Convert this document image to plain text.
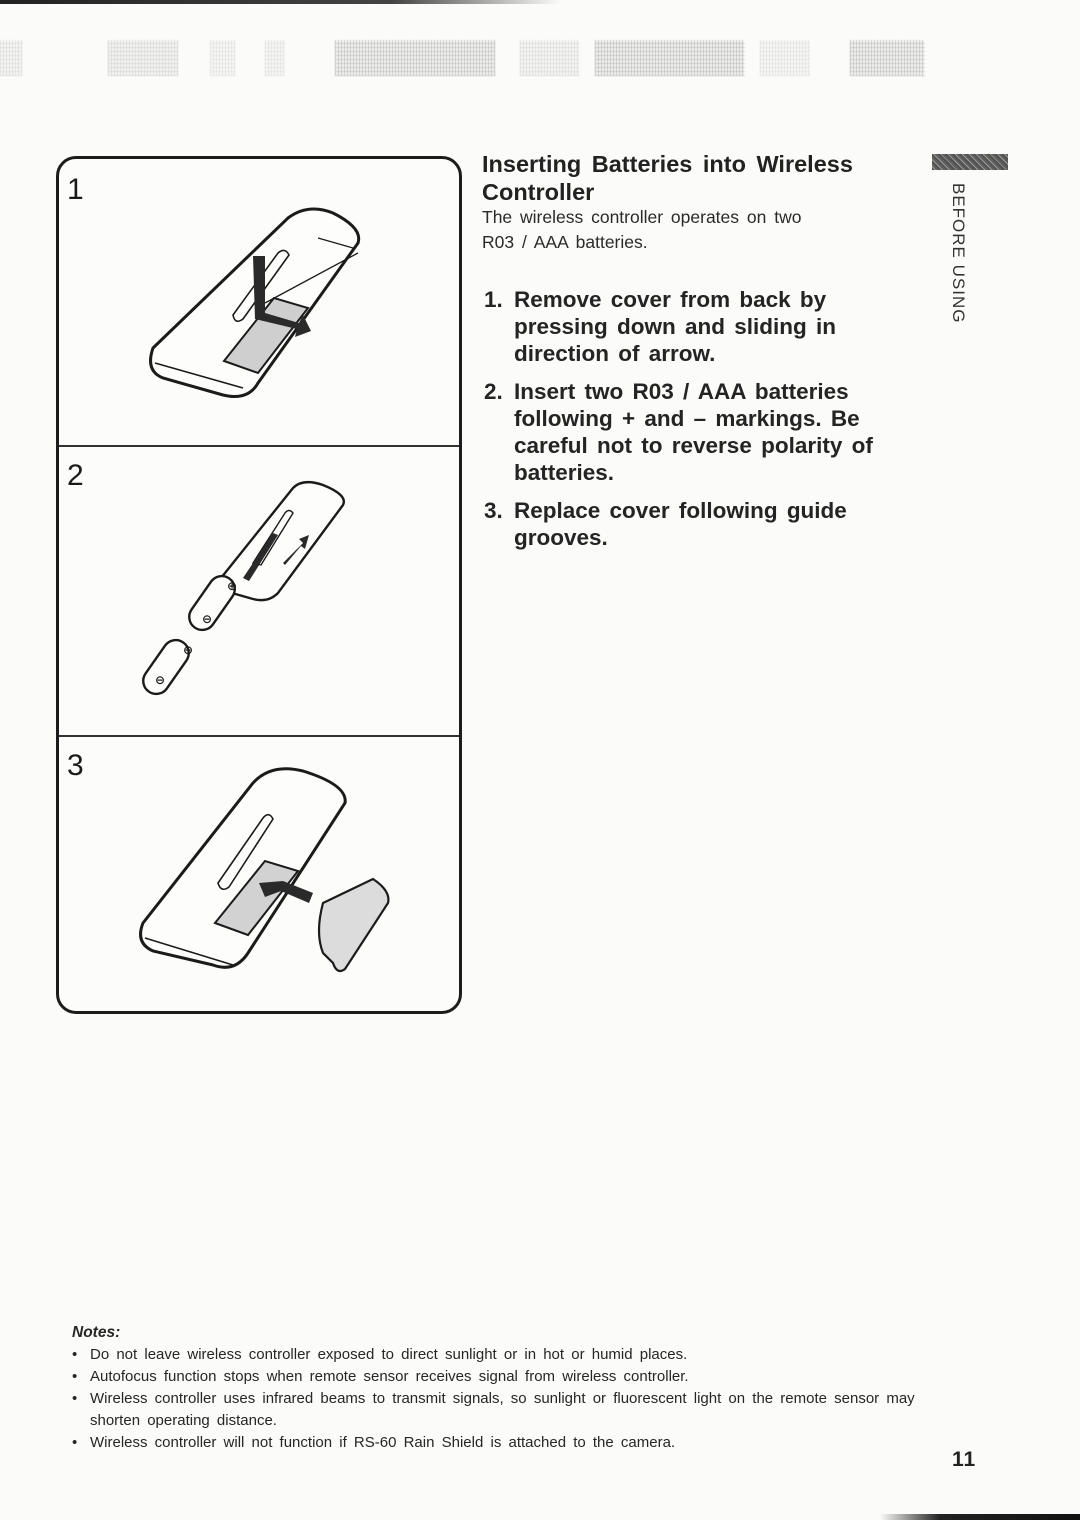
1
2
⊕
⊖
⊕
⊖
3
Inserting Batteries into Wireless
Controller
The wireless controller operates on two
R03 / AAA batteries.
1. Remove cover from back by pressing down and sliding in direction of arrow.
2. Insert two R03 / AAA batteries following + and – markings. Be careful not to reverse polarity of batteries.
3. Replace cover following guide grooves.
BEFORE USING
Notes:
• Do not leave wireless controller exposed to direct sunlight or in hot or humid places.
• Autofocus function stops when remote sensor receives signal from wireless controller.
• Wireless controller uses infrared beams to transmit signals, so sunlight or fluorescent light on the remote sensor may shorten operating distance.
• Wireless controller will not function if RS-60 Rain Shield is attached to the camera.
11
